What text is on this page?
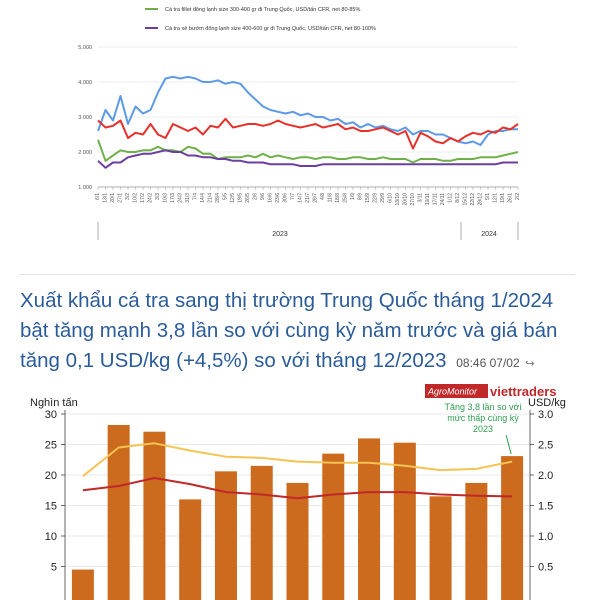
Cá tra fillet đông lạnh size 300-400 gr đi Trung Quốc, USD/tấn CFR, net 80-85%
Cá tra xẻ bướm đông lạnh size 400-600 gr đi Trung Quốc, USD/tấn CFR, net 80-100%
5.000
4.000
3.000
2.000
1.000
6/1 13/1 20/1 27/1 3/2 10/2 17/2 24/2 3/3 10/3 17/3 24/3 31/3 7/4 14/4 21/4 28/4 5/5 12/5 19/5 26/5 2/6 9/6 16/6 23/6 30/6 7/7 14/7 21/7 28/7 4/8 11/8 18/8 25/8 1/9 8/9 15/9 22/9 29/9 6/10 13/10 20/10 27/10 3/11 10/11 17/11 24/11 1/12 8/12 15/12 22/12 29/12 5/1 12/1 19/1 26/1 2/2
2023	2024
Xuất khẩu cá tra sang thị trường Trung Quốc tháng 1/2024 bật tăng mạnh 3,8 lần so với cùng kỳ năm trước và giá bán tăng 0,1 USD/kg (+4,5%) so với tháng 12/2023 08:46 07/02 ↪
Nghìn tấn	USD/kg
30
25
20
15
10
5
3.0
2.5
2.0
1.5
1.0
0.5
AgroMonitor viettraders
Tăng 3,8 lần so với
mức thấp cùng kỳ
2023
